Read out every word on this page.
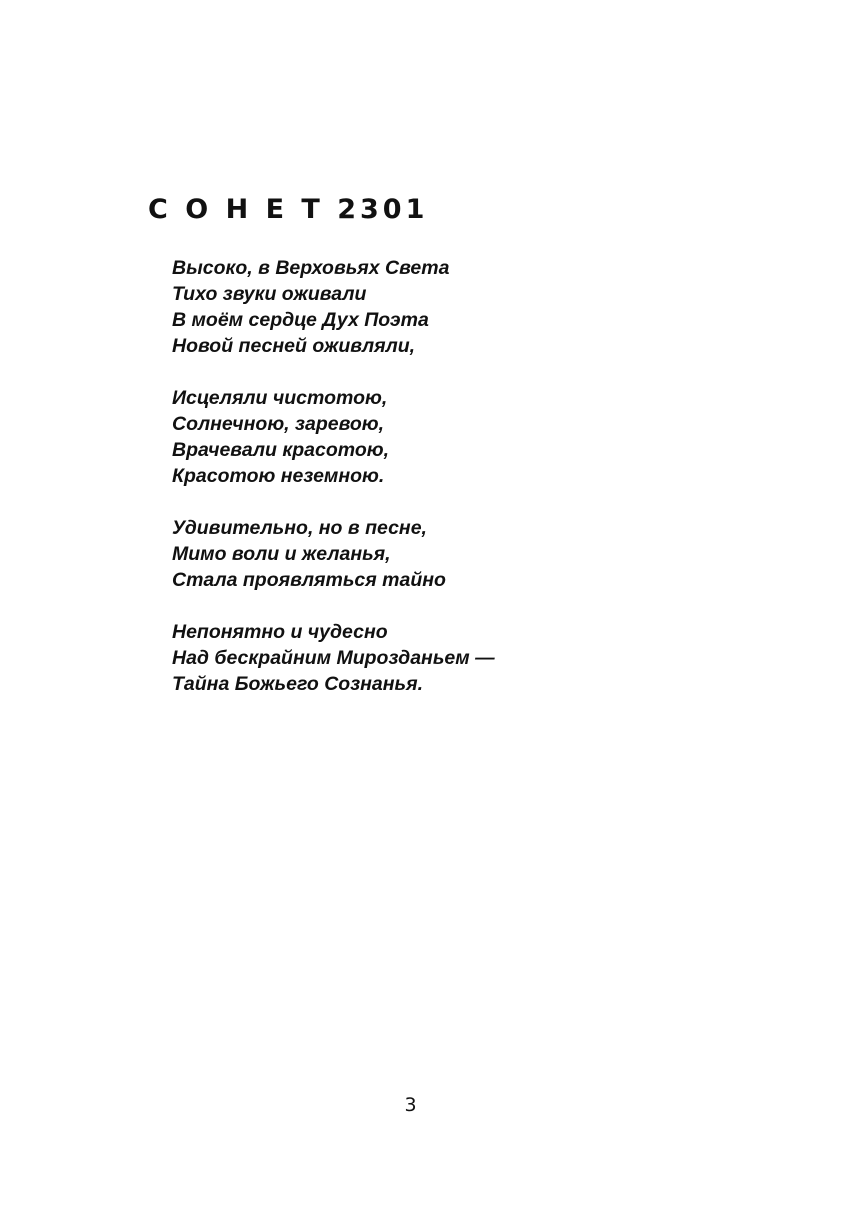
С О Н Е Т 2301

Высоко, в Верховьях Света
Тихо звуки оживали
В моём сердце Дух Поэта
Новой песней оживляли,

Исцеляли чистотою,
Солнечною, заревою,
Врачевали красотою,
Красотою неземною.

Удивительно, но в песне,
Мимо воли и желанья,
Стала проявляться тайно

Непонятно и чудесно
Над бескрайним Мирозданьем —
Тайна Божьего Сознанья.

3
